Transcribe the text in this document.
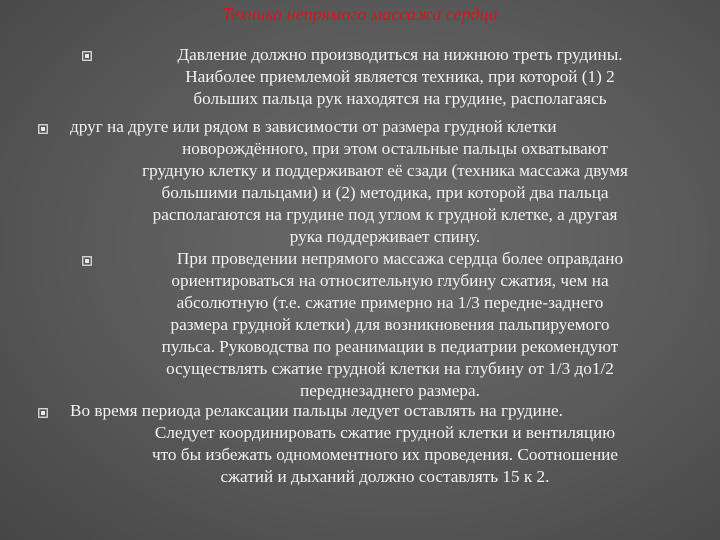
Техника непрямого массажа сердца
Давление должно производиться на нижнюю треть грудины.
Наиболее приемлемой является техника, при которой (1) 2
больших пальца рук находятся на грудине, располагаясь
друг на друге или рядом в зависимости от размера грудной клетки
новорождённого, при этом остальные пальцы охватывают
грудную клетку и поддерживают её сзади (техника массажа двумя
большими пальцами) и (2) методика, при которой два пальца
располагаются на грудине под углом к грудной клетке, а другая
рука поддерживает спину.
При проведении непрямого массажа сердца более оправдано
ориентироваться на относительную глубину сжатия, чем на
абсолютную (т.е. сжатие примерно на 1/3 передне-заднего
размера грудной клетки) для возникновения пальпируемого
пульса. Руководства по реанимации в педиатрии рекомендуют
осуществлять сжатие грудной клетки на глубину от 1/3 до1/2
переднезаднего размера.
Во время периода релаксации пальцы ледует оставлять на грудине.
Следует координировать сжатие грудной клетки и вентиляцию
что бы избежать одномоментного их проведения. Соотношение
сжатий и дыханий должно составлять 15 к 2.
